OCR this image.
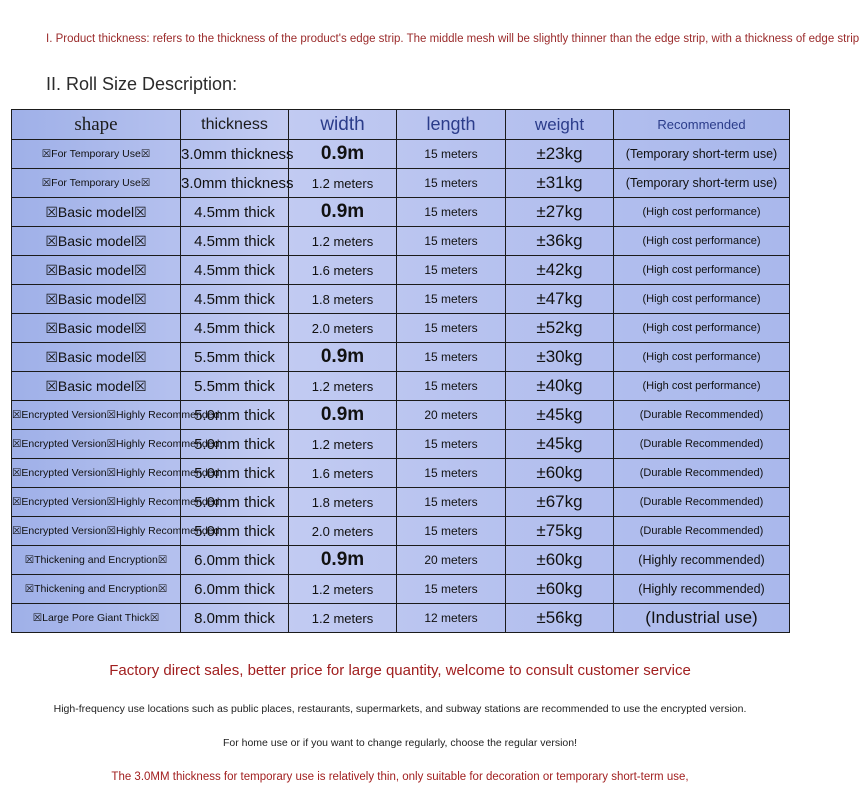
I. Product thickness: refers to the thickness of the product's edge strip. The middle mesh will be slightly thinner than the edge strip, with a thickness of edge strip
II. Roll Size Description:
shape	thickness	width	length	weight	Recommended
☒For Temporary Use☒	3.0mm thickness	0.9m	15 meters	±23kg	(Temporary short-term use)
☒For Temporary Use☒	3.0mm thickness	1.2 meters	15 meters	±31kg	(Temporary short-term use)
☒Basic model☒	4.5mm thick	0.9m	15 meters	±27kg	(High cost performance)
☒Basic model☒	4.5mm thick	1.2 meters	15 meters	±36kg	(High cost performance)
☒Basic model☒	4.5mm thick	1.6 meters	15 meters	±42kg	(High cost performance)
☒Basic model☒	4.5mm thick	1.8 meters	15 meters	±47kg	(High cost performance)
☒Basic model☒	4.5mm thick	2.0 meters	15 meters	±52kg	(High cost performance)
☒Basic model☒	5.5mm thick	0.9m	15 meters	±30kg	(High cost performance)
☒Basic model☒	5.5mm thick	1.2 meters	15 meters	±40kg	(High cost performance)
☒Encrypted Version☒Highly Recommended	5.0mm thick	0.9m	20 meters	±45kg	(Durable Recommended)
☒Encrypted Version☒Highly Recommended	5.0mm thick	1.2 meters	15 meters	±45kg	(Durable Recommended)
☒Encrypted Version☒Highly Recommended	5.0mm thick	1.6 meters	15 meters	±60kg	(Durable Recommended)
☒Encrypted Version☒Highly Recommended	5.0mm thick	1.8 meters	15 meters	±67kg	(Durable Recommended)
☒Encrypted Version☒Highly Recommended	5.0mm thick	2.0 meters	15 meters	±75kg	(Durable Recommended)
☒Thickening and Encryption☒	6.0mm thick	0.9m	20 meters	±60kg	(Highly recommended)
☒Thickening and Encryption☒	6.0mm thick	1.2 meters	15 meters	±60kg	(Highly recommended)
☒Large Pore Giant Thick☒	8.0mm thick	1.2 meters	12 meters	±56kg	(Industrial use)
Factory direct sales, better price for large quantity, welcome to consult customer service
High-frequency use locations such as public places, restaurants, supermarkets, and subway stations are recommended to use the encrypted version.
For home use or if you want to change regularly, choose the regular version!
The 3.0MM thickness for temporary use is relatively thin, only suitable for decoration or temporary short-term use,
